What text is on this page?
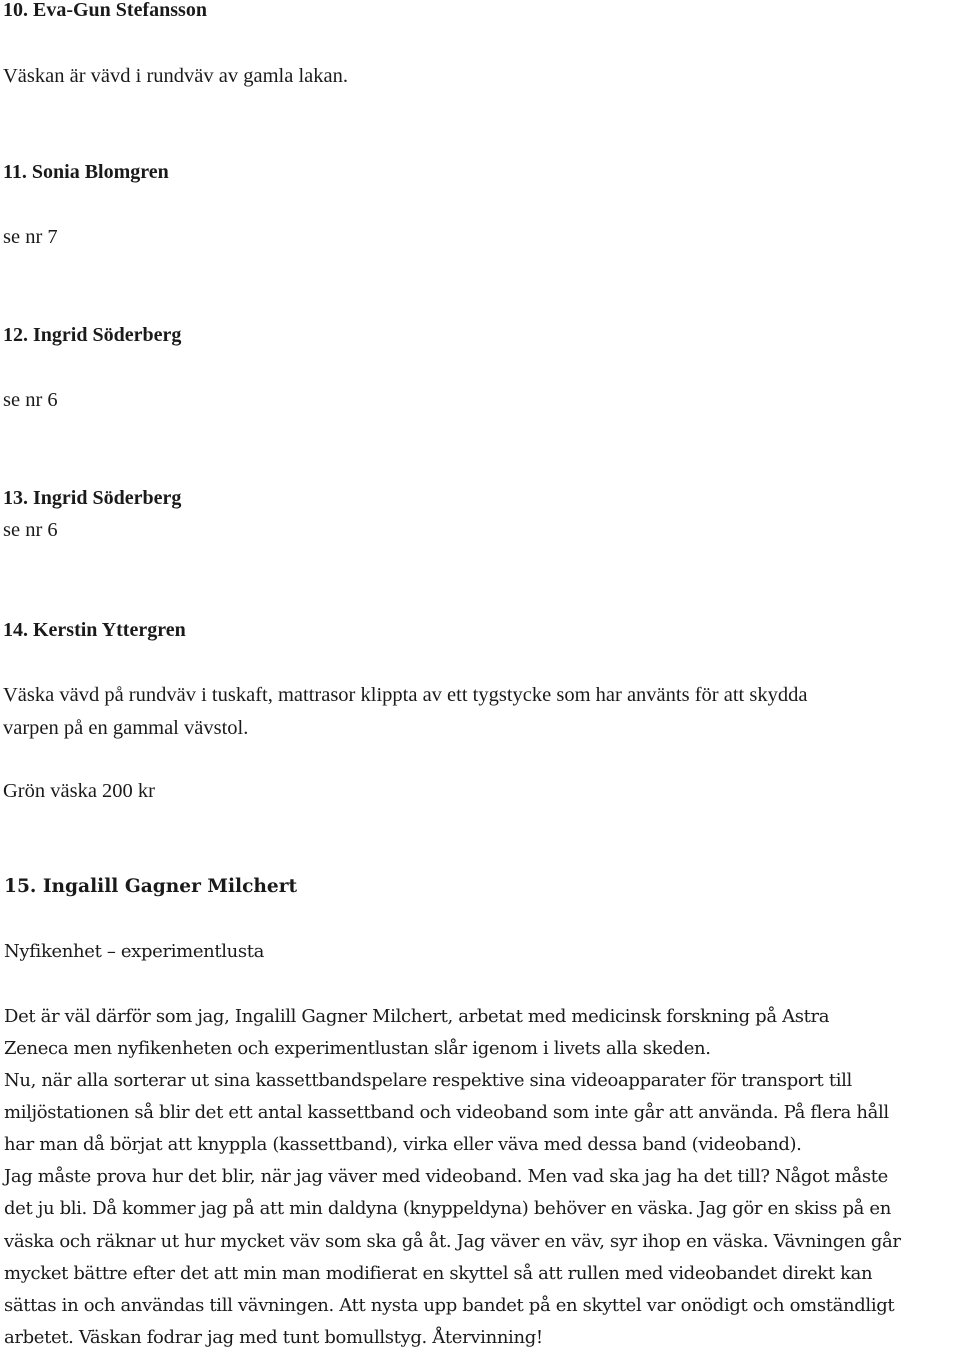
10. Eva-Gun Stefansson
Väskan är vävd i rundväv av gamla lakan.
11. Sonia Blomgren
se nr 7
12. Ingrid Söderberg
se nr 6
13. Ingrid Söderberg
se nr 6
14. Kerstin Yttergren
Väska vävd på rundväv i tuskaft, mattrasor klippta av ett tygstycke som har använts för att skydda
varpen på en gammal vävstol.
Grön väska 200 kr
15. Ingalill Gagner Milchert
Nyfikenhet – experimentlusta
Det är väl därför som jag, Ingalill Gagner Milchert, arbetat med medicinsk forskning på Astra
Zeneca men nyfikenheten och experimentlustan slår igenom i livets alla skeden.
Nu, när alla sorterar ut sina kassettbandspelare respektive sina videoapparater för transport till
miljöstationen så blir det ett antal kassettband och videoband som inte går att använda. På flera håll
har man då börjat att knyppla (kassettband), virka eller väva med dessa band (videoband).
Jag måste prova hur det blir, när jag väver med videoband. Men vad ska jag ha det till? Något måste
det ju bli. Då kommer jag på att min daldyna (knyppeldyna) behöver en väska. Jag gör en skiss på en
väska och räknar ut hur mycket väv som ska gå åt. Jag väver en väv, syr ihop en väska. Vävningen går
mycket bättre efter det att min man modifierat en skyttel så att rullen med videobandet direkt kan
sättas in och användas till vävningen. Att nysta upp bandet på en skyttel var onödigt och omständligt
arbetet. Väskan fodrar jag med tunt bomullstyg. Återvinning!
